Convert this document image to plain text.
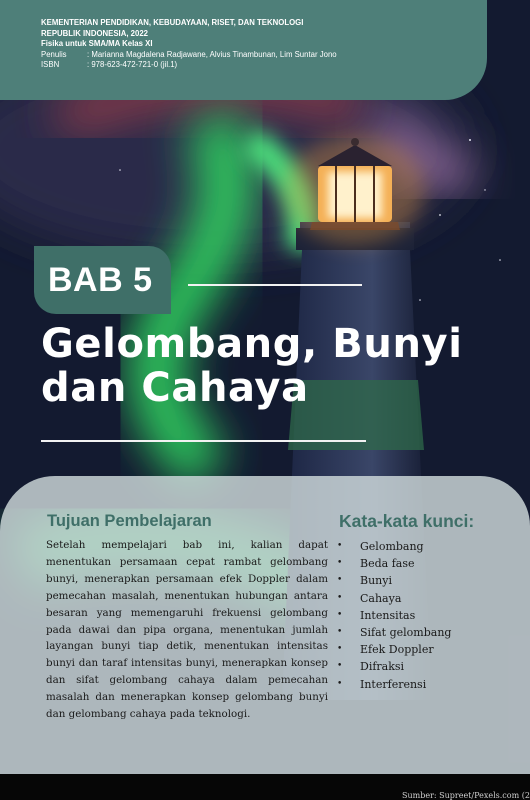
KEMENTERIAN PENDIDIKAN, KEBUDAYAAN, RISET, DAN TEKNOLOGI
REPUBLIK INDONESIA, 2022
Fisika untuk SMA/MA Kelas XI
Penulis	: Marianna Magdalena Radjawane, Alvius Tinambunan, Lim Suntar Jono
ISBN	: 978-623-472-721-0 (jil.1)
BAB 5
Gelombang, Bunyi
dan Cahaya
Tujuan Pembelajaran

Setelah mempelajari bab ini, kalian dapat menentukan persamaan cepat rambat gelombang bunyi, menerapkan persamaan efek Doppler dalam pemecahan masalah, menentukan hubungan antara besaran yang memengaruhi frekuensi gelombang pada dawai dan pipa organa, menentukan jumlah layangan bunyi tiap detik, menentukan intensitas bunyi dan taraf intensitas bunyi, menerapkan konsep dan sifat gelombang cahaya dalam pemecahan masalah dan menerapkan konsep gelombang bunyi dan gelombang cahaya pada teknologi.

Kata-kata kunci:
•	Gelombang
•	Beda fase
•	Bunyi
•	Cahaya
•	Intensitas
•	Sifat gelombang
•	Efek Doppler
•	Difraksi
•	Interferensi
Sumber: Supreet/Pexels.com (2
